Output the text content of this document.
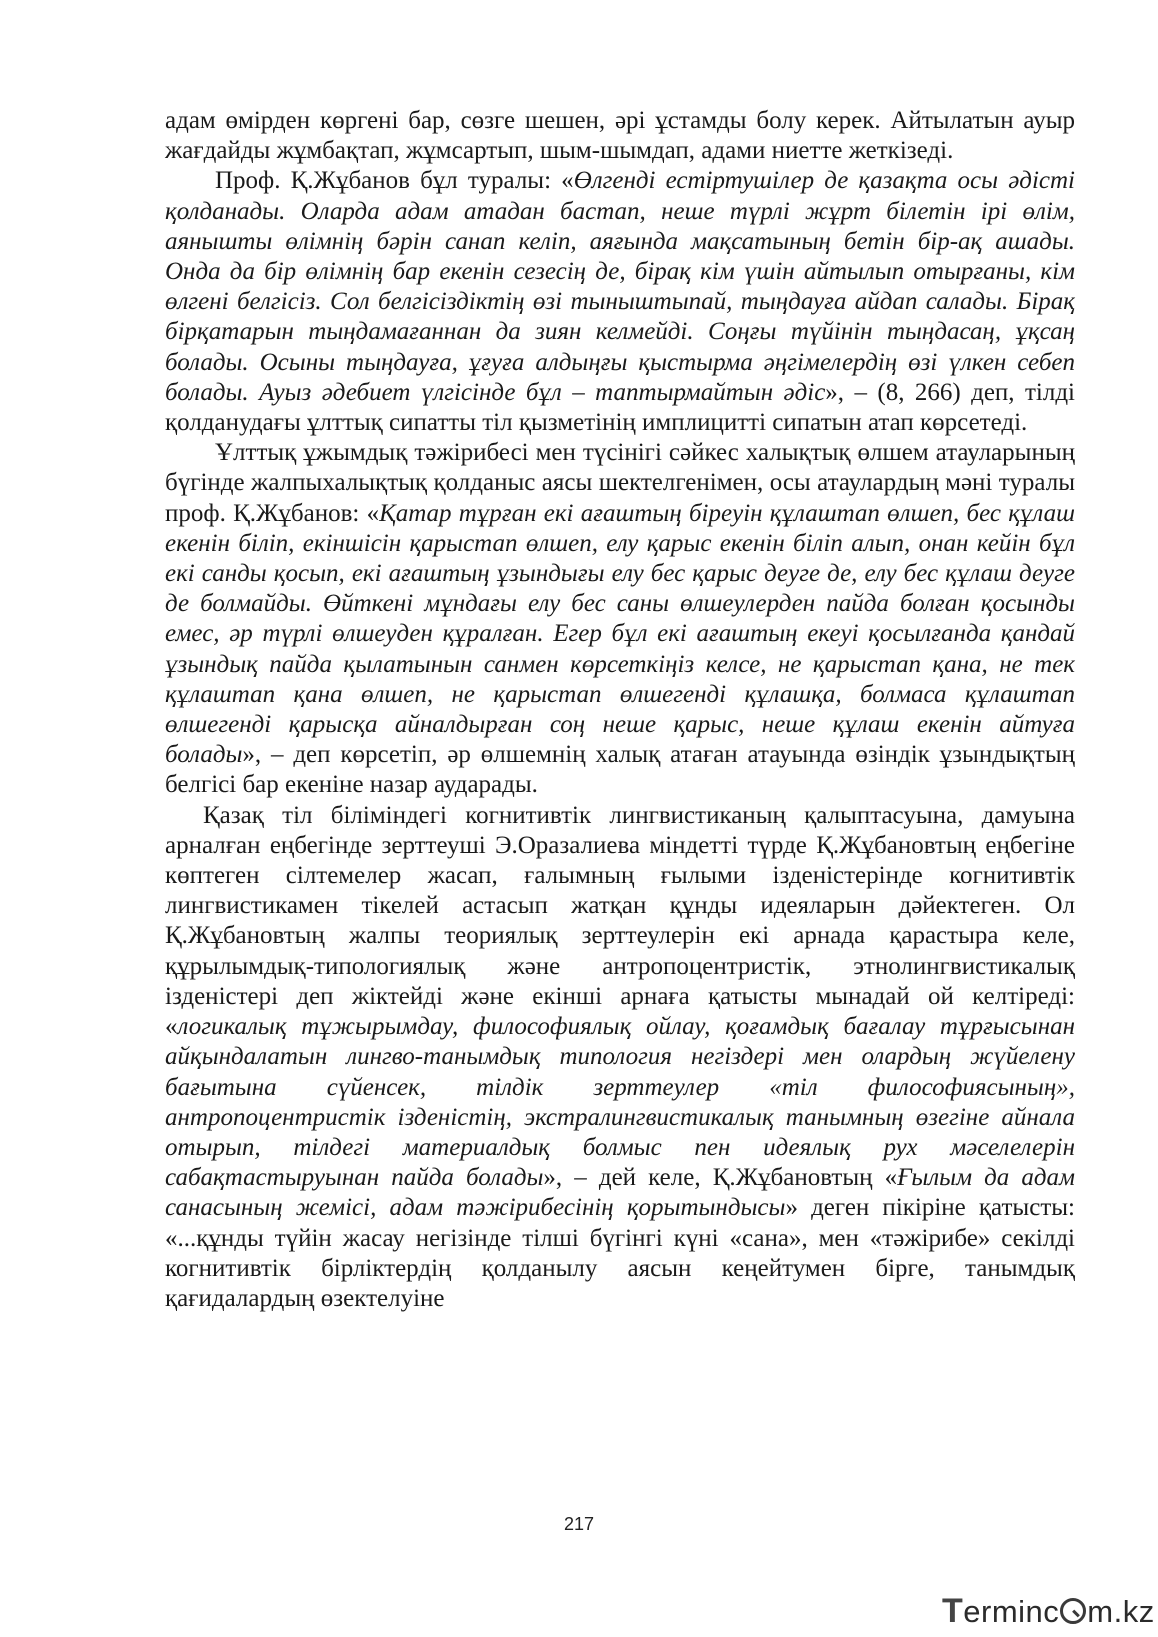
адам өмірден көргені бар, сөзге шешен, әрі ұстамды болу керек. Айтылатын ауыр жағдайды жұмбақтап, жұмсартып, шым-шымдап, адами ниетте жеткізеді.

Проф. Қ.Жұбанов бұл туралы: «Өлгенді естіртушілер де қазақта осы әдісті қолданады. Оларда адам атадан бастап, неше түрлі жұрт білетін ірі өлім, аянышты өлімнің бәрін санап келіп, аяғында мақсатының бетін бір-ақ ашады. Онда да бір өлімнің бар екенін сезесің де, бірақ кім үшін айтылып отырғаны, кім өлгені белгісіз. Сол белгісіздіктің өзі тыныштыпай, тыңдауға айдап салады. Бірақ бірқатарын тыңдамағаннан да зиян келмейді. Соңғы түйінін тыңдасаң, ұқсаң болады. Осыны тыңдауға, ұғуға алдыңғы қыстырма әңгімелердің өзі үлкен себеп болады. Ауыз әдебиет үлгісінде бұл – таптырмайтын әдіс», – (8, 266) деп, тілді қолданудағы ұлттық сипатты тіл қызметінің имплицитті сипатын атап көрсетеді.

Ұлттық ұжымдық тәжірибесі мен түсінігі сәйкес халықтық өлшем атауларының бүгінде жалпыхалықтық қолданыс аясы шектелгенімен, осы атаулардың мәні туралы проф. Қ.Жұбанов: «Қатар тұрған екі ағаштың біреуін құлаштап өлшеп, бес құлаш екенін біліп, екіншісін қарыстап өлшеп, елу қарыс екенін біліп алып, онан кейін бұл екі санды қосып, екі ағаштың ұзындығы елу бес қарыс деуге де, елу бес құлаш деуге де болмайды. Өйткені мұндағы елу бес саны өлшеулерден пайда болған қосынды емес, әр түрлі өлшеуден құралған. Егер бұл екі ағаштың екеуі қосылғанда қандай ұзындық пайда қылатынын санмен көрсеткіңіз келсе, не қарыстап қана, не тек құлаштап қана өлшеп, не қарыстап өлшегенді құлашқа, болмаса құлаштап өлшегенді қарысқа айналдырған соң неше қарыс, неше құлаш екенін айтуға болады», – деп көрсетіп, әр өлшемнің халық атаған атауында өзіндік ұзындықтың белгісі бар екеніне назар аударады.

Қазақ тіл біліміндегі когнитивтік лингвистиканың қалыптасуына, дамуына арналған еңбегінде зерттеуші Э.Оразалиева міндетті түрде Қ.Жұбановтың еңбегіне көптеген сілтемелер жасап, ғалымның ғылыми ізденістерінде когнитивтік лингвистикамен тікелей астасып жатқан құнды идеяларын дәйектеген. Ол Қ.Жұбановтың жалпы теориялық зерттеулерін екі арнада қарастыра келе, құрылымдық-типологиялық және антропоцентристік, этнолингвистикалық ізденістері деп жіктейді және екінші арнаға қатысты мынадай ой келтіреді: «логикалық тұжырымдау, философиялық ойлау, қоғамдық бағалау тұрғысынан айқындалатын лингво-танымдық типология негіздері мен олардың жүйелену бағытына сүйенсек, тілдік зерттеулер «тіл философиясының», антропоцентристік ізденістің, экстралингвистикалық танымның өзегіне айнала отырып, тілдегі материалдық болмыс пен идеялық рух мәселелерін сабақтастыруынан пайда болады», – дей келе, Қ.Жұбановтың «Ғылым да адам санасының жемісі, адам тәжірибесінің қорытындысы» деген пікіріне қатысты: «...құнды түйін жасау негізінде тілші бүгінгі күні «сана», мен «тәжірибе» секілді когнитивтік бірліктердің қолданылу аясын кеңейтумен бірге, танымдық қағидалардың өзектелуіне

217
Terminc m.kz
